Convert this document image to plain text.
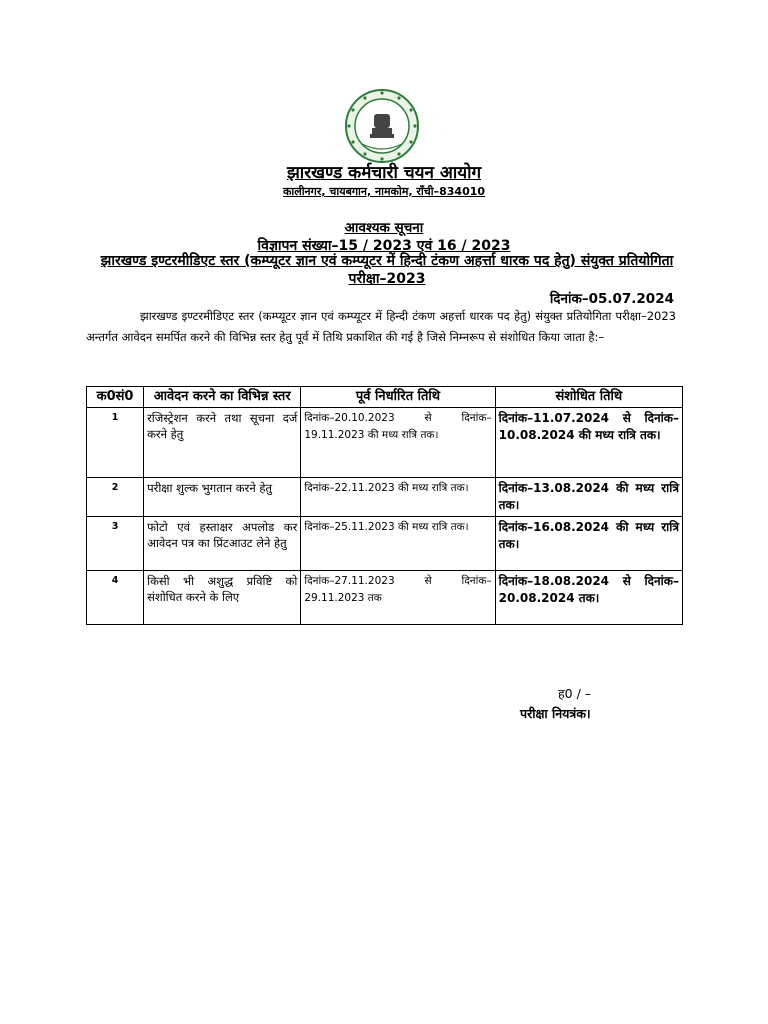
झारखण्ड कर्मचारी चयन आयोग
कालीनगर, चायबगान, नामकोम, राँची–834010
आवश्यक सूचना
विज्ञापन संख्या–15 / 2023 एवं 16 / 2023
झारखण्ड इण्टरमीडिएट स्तर (कम्प्यूटर ज्ञान एवं कम्प्यूटर में हिन्दी टंकण अहर्त्ता धारक पद हेतु) संयुक्त प्रतियोगिता परीक्षा–2023
दिनांक–05.07.2024
झारखण्ड इण्टरमीडिएट स्तर (कम्प्यूटर ज्ञान एवं कम्प्यूटर में हिन्दी टंकण अहर्त्ता धारक पद हेतु) संयुक्त प्रतियोगिता परीक्षा–2023 अन्तर्गत आवेदन समर्पित करने की विभिन्न स्तर हेतु पूर्व में तिथि प्रकाशित की गई है जिसे निम्नरूप से संशोधित किया जाता है:–
क0सं0	आवेदन करने का विभिन्न स्तर	पूर्व निर्धारित तिथि	संशोधित तिथि
1	रजिस्ट्रेशन करने तथा सूचना दर्ज करने हेतु	दिनांक–20.10.2023 से दिनांक–19.11.2023 की मध्य रात्रि तक।	दिनांक–11.07.2024 से दिनांक–10.08.2024 की मध्य रात्रि तक।
2	परीक्षा शुल्क भुगतान करने हेतु	दिनांक–22.11.2023 की मध्य रात्रि तक।	दिनांक–13.08.2024 की मध्य रात्रि तक।
3	फोटो एवं हस्ताक्षर अपलोड कर आवेदन पत्र का प्रिंटआउट लेने हेतु	दिनांक–25.11.2023 की मध्य रात्रि तक।	दिनांक–16.08.2024 की मध्य रात्रि तक।
4	किसी भी अशुद्ध प्रविष्टि को संशोधित करने के लिए	दिनांक–27.11.2023 से दिनांक–29.11.2023 तक	दिनांक–18.08.2024 से दिनांक–20.08.2024 तक।
ह0 / –
परीक्षा नियत्रंक।
